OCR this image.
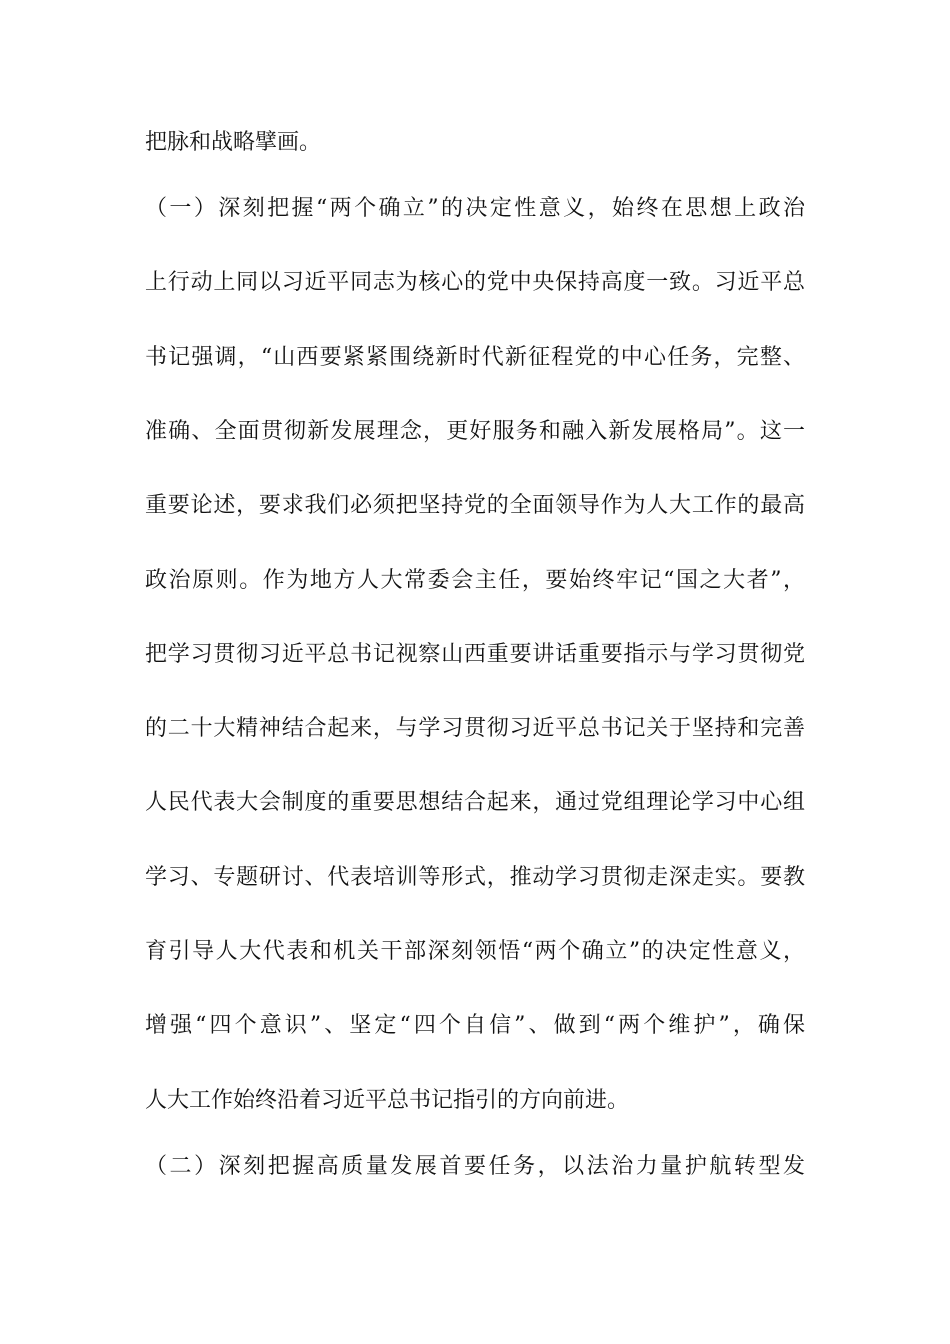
把脉和战略擘画。
（一）深刻把握“两个确立”的决定性意义，始终在思想上政治
上行动上同以习近平同志为核心的党中央保持高度一致。习近平总
书记强调，“山西要紧紧围绕新时代新征程党的中心任务，完整、
准确、全面贯彻新发展理念，更好服务和融入新发展格局”。这一
重要论述，要求我们必须把坚持党的全面领导作为人大工作的最高
政治原则。作为地方人大常委会主任，要始终牢记“国之大者”，
把学习贯彻习近平总书记视察山西重要讲话重要指示与学习贯彻党
的二十大精神结合起来，与学习贯彻习近平总书记关于坚持和完善
人民代表大会制度的重要思想结合起来，通过党组理论学习中心组
学习、专题研讨、代表培训等形式，推动学习贯彻走深走实。要教
育引导人大代表和机关干部深刻领悟“两个确立”的决定性意义，
增强“四个意识”、坚定“四个自信”、做到“两个维护”，确保
人大工作始终沿着习近平总书记指引的方向前进。
（二）深刻把握高质量发展首要任务，以法治力量护航转型发
